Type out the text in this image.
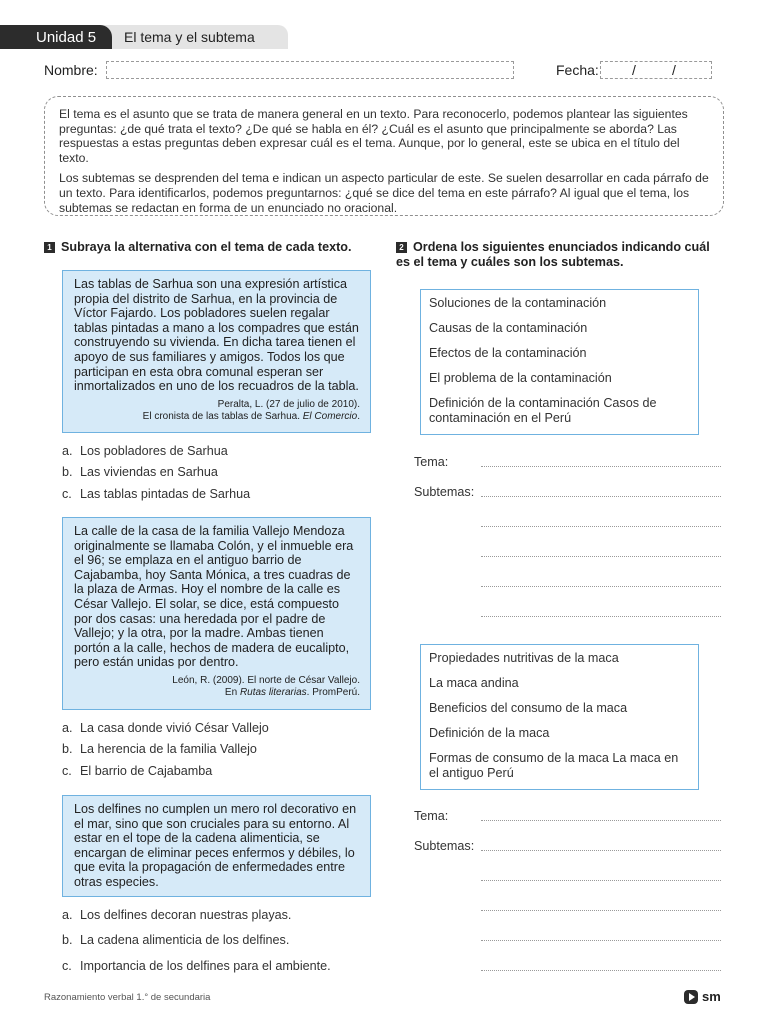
El tema y el subtema
Unidad 5
Nombre:	Fecha: /	/

El tema es el asunto que se trata de manera general en un texto. Para reconocerlo, podemos plantear las siguientes preguntas: ¿de qué trata el texto? ¿De qué se habla en él? ¿Cuál es el asunto que principalmente se aborda? Las respuestas a estas preguntas deben expresar cuál es el tema. Aunque, por lo general, este se ubica en el título del texto.

Los subtemas se desprenden del tema e indican un aspecto particular de este. Se suelen desarrollar en cada párrafo de un texto. Para identificarlos, podemos preguntarnos: ¿qué se dice del tema en este párrafo? Al igual que el tema, los subtemas se redactan en forma de un enunciado no oracional.

1 Subraya la alternativa con el tema de cada texto.
Las tablas de Sarhua son una expresión artística propia del distrito de Sarhua, en la provincia de Víctor Fajardo. Los pobladores suelen regalar tablas pintadas a mano a los compadres que están construyendo su vivienda. En dicha tarea tienen el apoyo de sus familiares y amigos. Todos los que participan en esta obra comunal esperan ser inmortalizados en uno de los recuadros de la tabla.
Peralta, L. (27 de julio de 2010).
El cronista de las tablas de Sarhua. El Comercio.
a. Los pobladores de Sarhua
b. Las viviendas en Sarhua
c. Las tablas pintadas de Sarhua
La calle de la casa de la familia Vallejo Mendoza originalmente se llamaba Colón, y el inmueble era el 96; se emplaza en el antiguo barrio de Cajabamba, hoy Santa Mónica, a tres cuadras de la plaza de Armas. Hoy el nombre de la calle es César Vallejo. El solar, se dice, está compuesto por dos casas: una heredada por el padre de Vallejo; y la otra, por la madre. Ambas tienen portón a la calle, hechos de madera de eucalipto, pero están unidas por dentro.
León, R. (2009). El norte de César Vallejo.
En Rutas literarias. PromPerú.
a. La casa donde vivió César Vallejo
b. La herencia de la familia Vallejo
c. El barrio de Cajabamba
Los delfines no cumplen un mero rol decorativo en el mar, sino que son cruciales para su entorno. Al estar en el tope de la cadena alimenticia, se encargan de eliminar peces enfermos y débiles, lo que evita la propagación de enfermedades entre otras especies.
a. Los delfines decoran nuestras playas.
b. La cadena alimenticia de los delfines.
c. Importancia de los delfines para el ambiente.
2 Ordena los siguientes enunciados indicando cuál es el tema y cuáles son los subtemas.
Soluciones de la contaminación
Causas de la contaminación
Efectos de la contaminación
El problema de la contaminación
Definición de la contaminación Casos de contaminación en el Perú
Tema:
Subtemas:
Propiedades nutritivas de la maca
La maca andina
Beneficios del consumo de la maca
Definición de la maca
Formas de consumo de la maca La maca en el antiguo Perú
Tema:
Subtemas:
Razonamiento verbal 1.° de secundaria	sm
